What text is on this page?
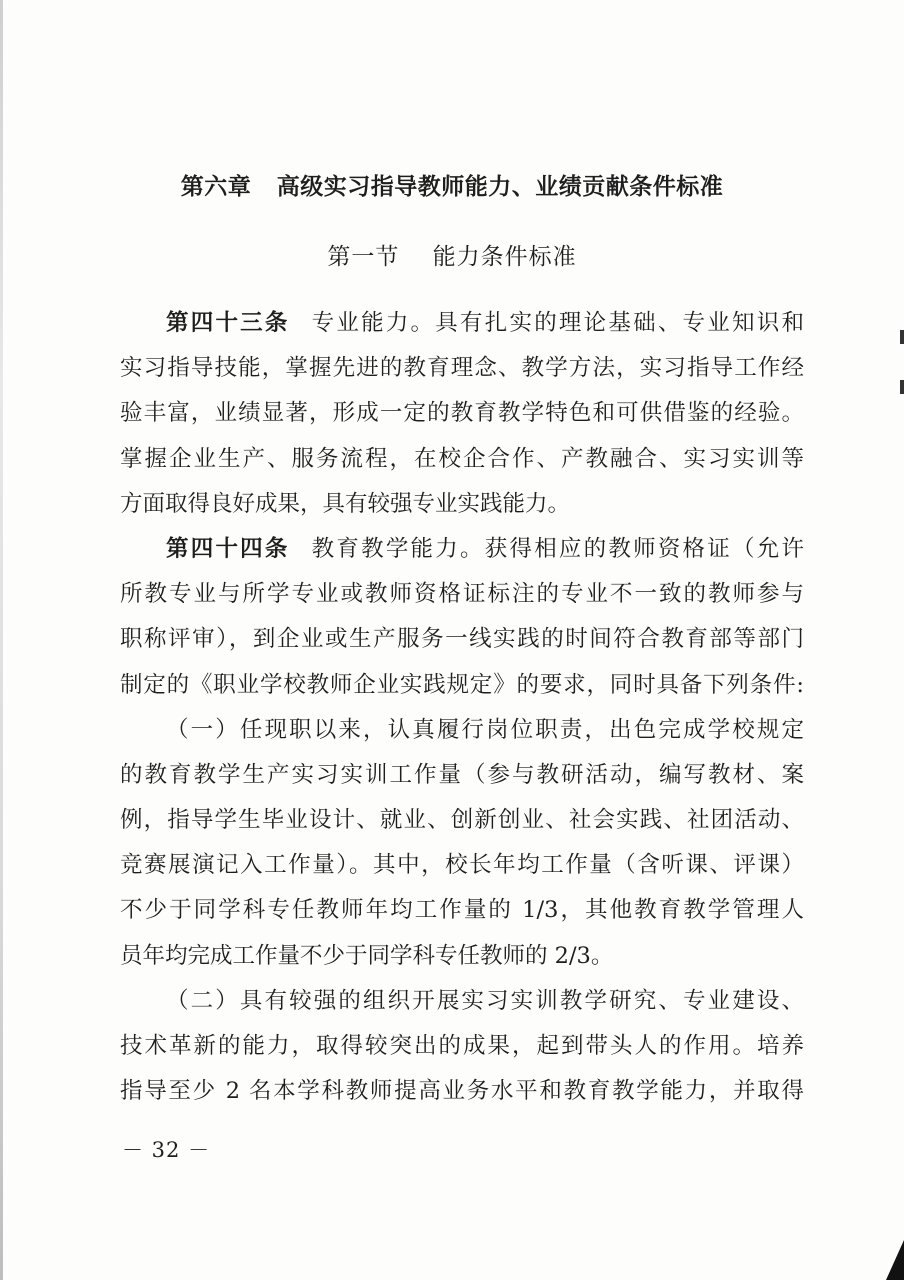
第六章   高级实习指导教师能力、业绩贡献条件标准
第一节    能力条件标准
第四十三条 专业能力。具有扎实的理论基础、专业知识和
实习指导技能，掌握先进的教育理念、教学方法，实习指导工作经
验丰富，业绩显著，形成一定的教育教学特色和可供借鉴的经验。
掌握企业生产、服务流程，在校企合作、产教融合、实习实训等
方面取得良好成果，具有较强专业实践能力。
第四十四条 教育教学能力。获得相应的教师资格证（允许
所教专业与所学专业或教师资格证标注的专业不一致的教师参与
职称评审），到企业或生产服务一线实践的时间符合教育部等部门
制定的《职业学校教师企业实践规定》的要求，同时具备下列条件:
（一）任现职以来，认真履行岗位职责，出色完成学校规定
的教育教学生产实习实训工作量（参与教研活动，编写教材、案
例，指导学生毕业设计、就业、创新创业、社会实践、社团活动、
竞赛展演记入工作量）。其中，校长年均工作量（含听课、评课）
不少于同学科专任教师年均工作量的 1/3，其他教育教学管理人
员年均完成工作量不少于同学科专任教师的 2/3。
（二）具有较强的组织开展实习实训教学研究、专业建设、
技术革新的能力，取得较突出的成果，起到带头人的作用。培养
指导至少 2 名本学科教师提高业务水平和教育教学能力，并取得
－ 32 －
